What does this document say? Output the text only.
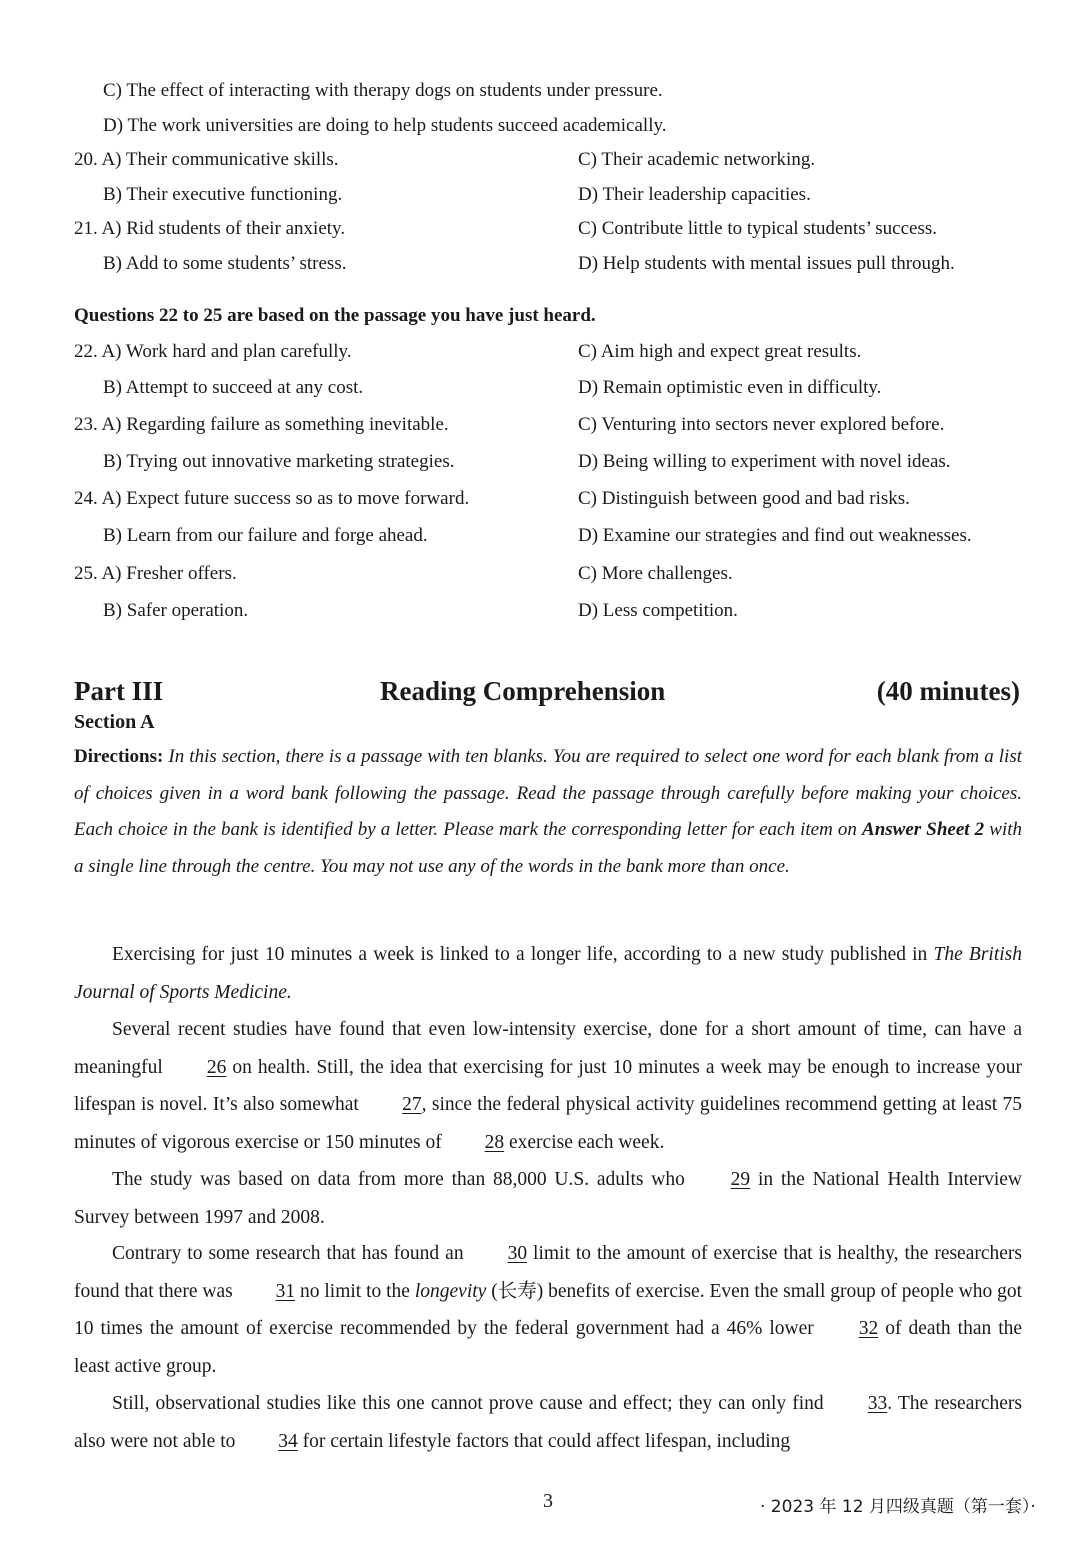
C) The effect of interacting with therapy dogs on students under pressure.
D) The work universities are doing to help students succeed academically.
20. A) Their communicative skills.	C) Their academic networking.
B) Their executive functioning.	D) Their leadership capacities.
21. A) Rid students of their anxiety.	C) Contribute little to typical students’ success.
B) Add to some students’ stress.	D) Help students with mental issues pull through.
Questions 22 to 25 are based on the passage you have just heard.
22. A) Work hard and plan carefully.	C) Aim high and expect great results.
B) Attempt to succeed at any cost.	D) Remain optimistic even in difficulty.
23. A) Regarding failure as something inevitable.	C) Venturing into sectors never explored before.
B) Trying out innovative marketing strategies.	D) Being willing to experiment with novel ideas.
24. A) Expect future success so as to move forward.	C) Distinguish between good and bad risks.
B) Learn from our failure and forge ahead.	D) Examine our strategies and find out weaknesses.
25. A) Fresher offers.	C) More challenges.
B) Safer operation.	D) Less competition.
Part III	Reading Comprehension	(40 minutes)
Section A
Directions: In this section, there is a passage with ten blanks. You are required to select one word for each blank from a list of choices given in a word bank following the passage. Read the passage through carefully before making your choices. Each choice in the bank is identified by a letter. Please mark the corresponding letter for each item on Answer Sheet 2 with a single line through the centre. You may not use any of the words in the bank more than once.
Exercising for just 10 minutes a week is linked to a longer life, according to a new study published in The British Journal of Sports Medicine.
Several recent studies have found that even low-intensity exercise, done for a short amount of time, can have a meaningful 26 on health. Still, the idea that exercising for just 10 minutes a week may be enough to increase your lifespan is novel. It’s also somewhat 27, since the federal physical activity guidelines recommend getting at least 75 minutes of vigorous exercise or 150 minutes of 28 exercise each week.
The study was based on data from more than 88,000 U.S. adults who 29 in the National Health Interview Survey between 1997 and 2008.
Contrary to some research that has found an 30 limit to the amount of exercise that is healthy, the researchers found that there was 31 no limit to the longevity (长寿) benefits of exercise. Even the small group of people who got 10 times the amount of exercise recommended by the federal government had a 46% lower 32 of death than the least active group.
Still, observational studies like this one cannot prove cause and effect; they can only find 33. The researchers also were not able to 34 for certain lifestyle factors that could affect lifespan, including
3	· 2023 年 12 月四级真题（第一套）·
